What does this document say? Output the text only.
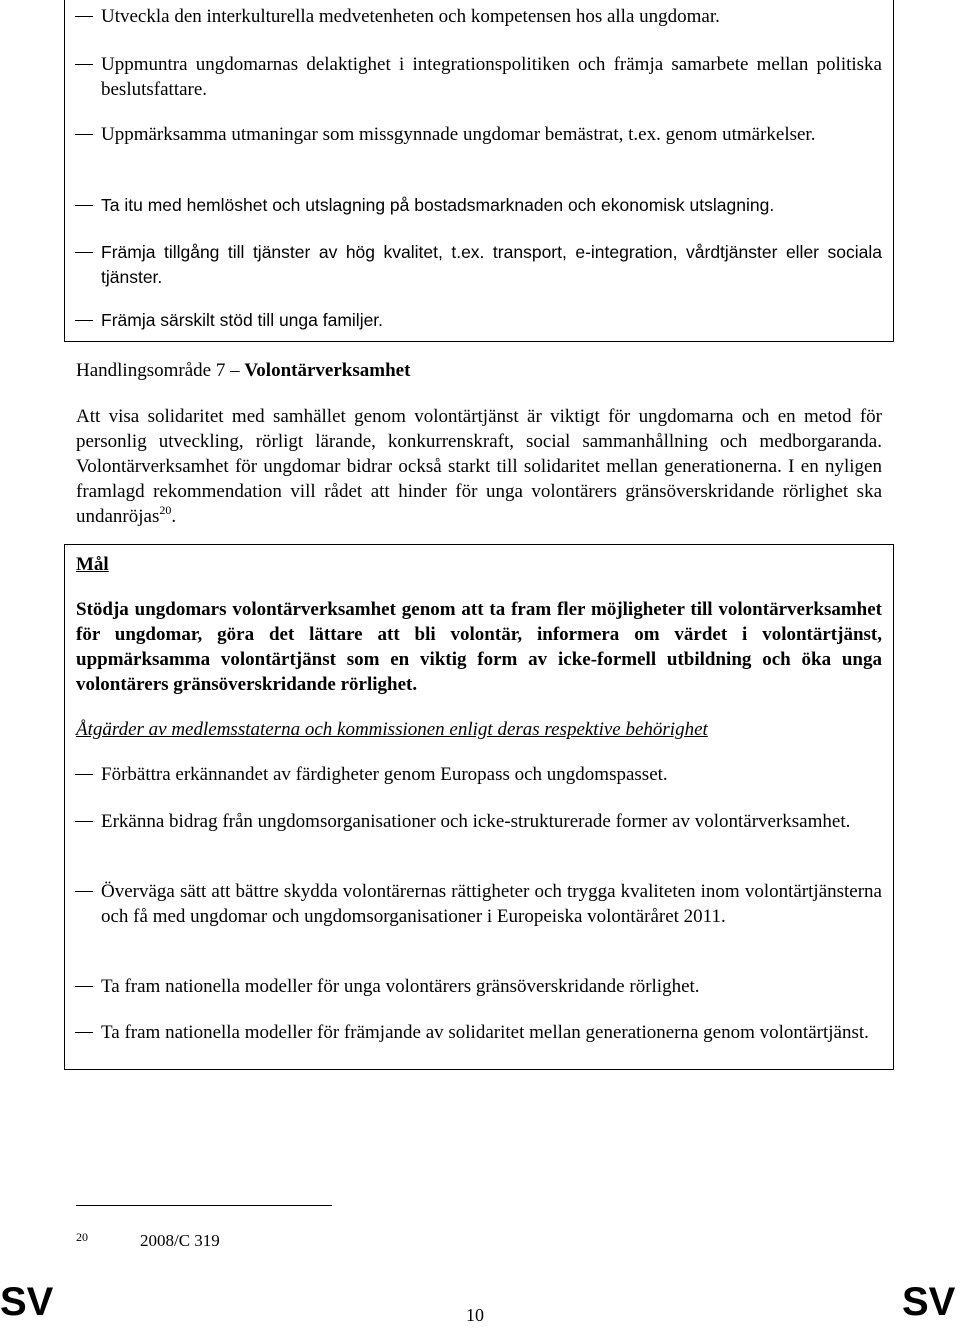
Utveckla den interkulturella medvetenheten och kompetensen hos alla ungdomar.
Uppmuntra ungdomarnas delaktighet i integrationspolitiken och främja samarbete mellan politiska beslutsfattare.
Uppmärksamma utmaningar som missgynnade ungdomar bemästrat, t.ex. genom utmärkelser.
Ta itu med hemlöshet och utslagning på bostadsmarknaden och ekonomisk utslagning.
Främja tillgång till tjänster av hög kvalitet, t.ex. transport, e-integration, vårdtjänster eller sociala tjänster.
Främja särskilt stöd till unga familjer.
Handlingsområde 7 – Volontärverksamhet
Att visa solidaritet med samhället genom volontärtjänst är viktigt för ungdomarna och en metod för personlig utveckling, rörligt lärande, konkurrenskraft, social sammanhållning och medborgaranda. Volontärverksamhet för ungdomar bidrar också starkt till solidaritet mellan generationerna. I en nyligen framlagd rekommendation vill rådet att hinder för unga volontärers gränsöverskridande rörlighet ska undanröjas$^{20}$.
Mål
Stödja ungdomars volontärverksamhet genom att ta fram fler möjligheter till volontärverksamhet för ungdomar, göra det lättare att bli volontär, informera om värdet i volontärtjänst, uppmärksamma volontärtjänst som en viktig form av icke-formell utbildning och öka unga volontärers gränsöverskridande rörlighet.
Åtgärder av medlemsstaterna och kommissionen enligt deras respektive behörighet
Förbättra erkännandet av färdigheter genom Europass och ungdomspasset.
Erkänna bidrag från ungdomsorganisationer och icke-strukturerade former av volontärverksamhet.
Överväga sätt att bättre skydda volontärernas rättigheter och trygga kvaliteten inom volontärtjänsterna och få med ungdomar och ungdomsorganisationer i Europeiska volontäråret 2011.
Ta fram nationella modeller för unga volontärers gränsöverskridande rörlighet.
Ta fram nationella modeller för främjande av solidaritet mellan generationerna genom volontärtjänst.
20	2008/C 319
SV	10	SV
